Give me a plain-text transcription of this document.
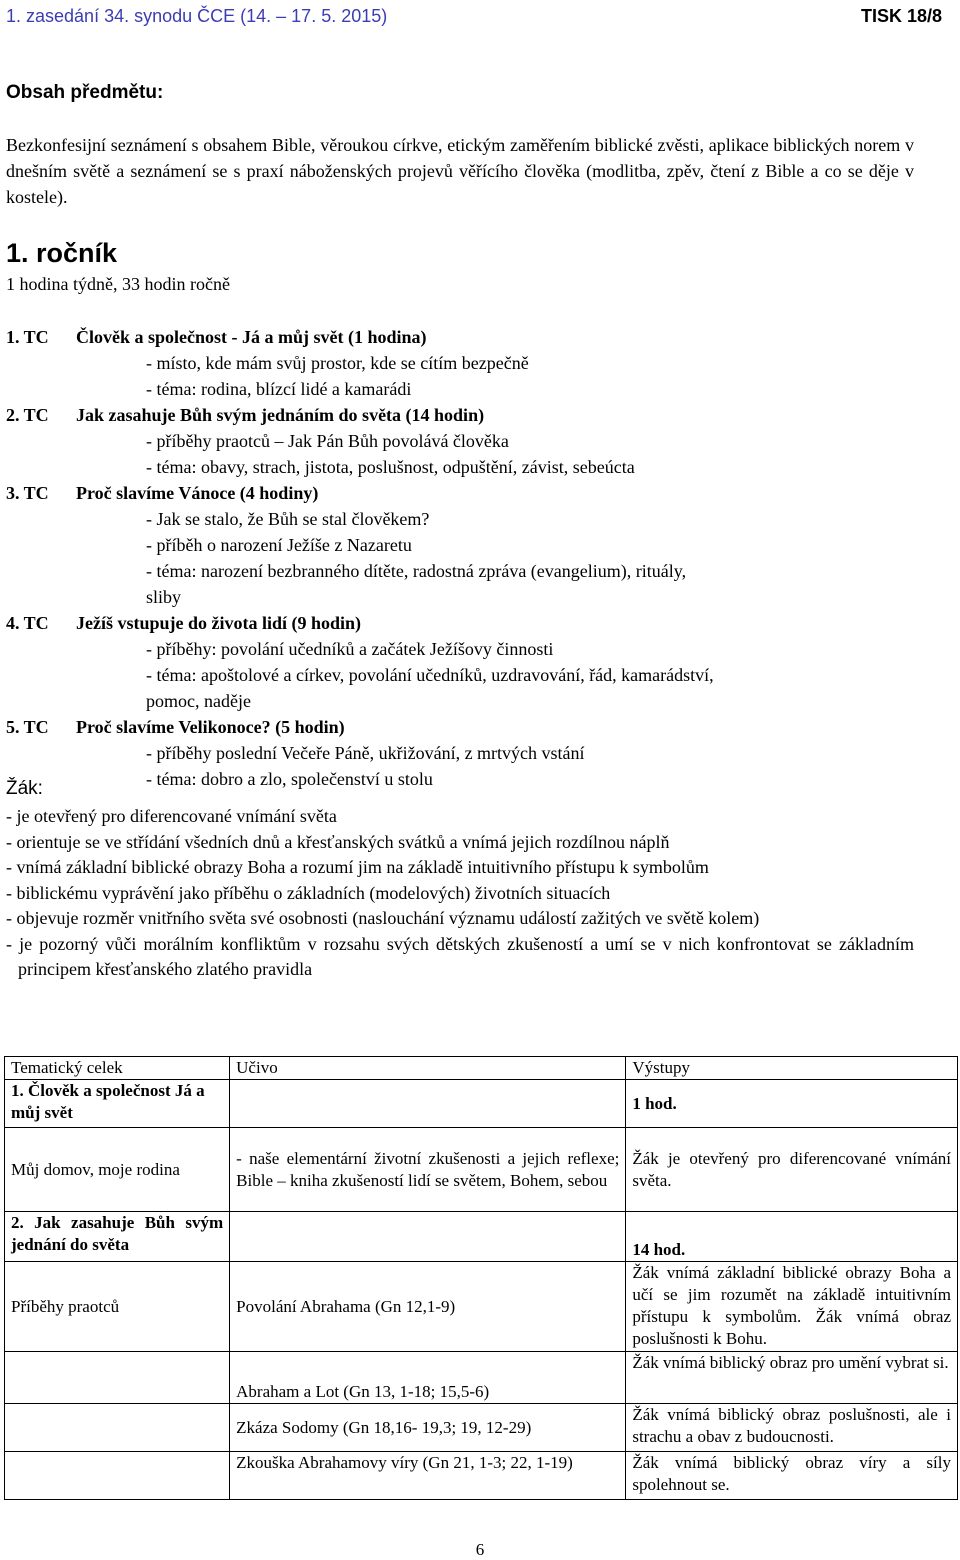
1. zasedání 34. synodu ČCE (14. – 17. 5. 2015)	TISK 18/8
Obsah předmětu:
Bezkonfesijní seznámení s obsahem Bible, věroukou církve, etickým zaměřením biblické zvěsti, aplikace biblických norem v dnešním světě a seznámení se s praxí náboženských projevů věřícího člověka (modlitba, zpěv, čtení z Bible a co se děje v kostele).
1. ročník
1 hodina týdně, 33 hodin ročně
1. TC Člověk a společnost - Já a můj svět (1 hodina)
- místo, kde mám svůj prostor, kde se cítím bezpečně
- téma: rodina, blízcí lidé a kamarádi
2. TC Jak zasahuje Bůh svým jednáním do světa (14 hodin)
- příběhy praotců – Jak Pán Bůh povolává člověka
- téma: obavy, strach, jistota, poslušnost, odpuštění, závist, sebeúcta
3. TC Proč slavíme Vánoce (4 hodiny)
- Jak se stalo, že Bůh se stal člověkem?
- příběh o narození Ježíše z Nazaretu
- téma: narození bezbranného dítěte, radostná zpráva (evangelium), rituály,
sliby
4. TC Ježíš vstupuje do života lidí (9 hodin)
- příběhy: povolání učedníků a začátek Ježíšovy činnosti
- téma: apoštolové a církev, povolání učedníků, uzdravování, řád, kamarádství,
pomoc, naděje
5. TC Proč slavíme Velikonoce? (5 hodin)
- příběhy poslední Večeře Páně, ukřižování, z mrtvých vstání
- téma: dobro a zlo, společenství u stolu
Žák:
- je otevřený pro diferencované vnímání světa
- orientuje se ve střídání všedních dnů a křesťanských svátků a vnímá jejich rozdílnou náplň
- vnímá základní biblické obrazy Boha a rozumí jim na základě intuitivního přístupu k symbolům
- biblickému vyprávění jako příběhu o základních (modelových) životních situacích
- objevuje rozměr vnitřního světa své osobnosti (naslouchání významu událostí zažitých ve světě kolem)
- je pozorný vůči morálním konfliktům v rozsahu svých dětských zkušeností a umí se v nich konfrontovat se základním principem křesťanského zlatého pravidla
Tematický celek	Učivo	Výstupy
1. Člověk a společnost Já a můj svět		1 hod.
Můj domov, moje rodina	- naše elementární životní zkušenosti a jejich reflexe; Bible – kniha zkušeností lidí se světem, Bohem, sebou	Žák je otevřený pro diferencované vnímání světa.
2. Jak zasahuje Bůh svým jednání do světa		14 hod.
Příběhy praotců	Povolání Abrahama (Gn 12,1-9)	Žák vnímá základní biblické obrazy Boha a učí se jim rozumět na základě intuitivním přístupu k symbolům. Žák vnímá obraz poslušnosti k Bohu.
	Abraham a Lot (Gn 13, 1-18; 15,5-6)	Žák vnímá biblický obraz pro umění vybrat si.
	Zkáza Sodomy (Gn 18,16- 19,3; 19, 12-29)	Žák vnímá biblický obraz poslušnosti, ale i strachu a obav z budoucnosti.
	Zkouška Abrahamovy víry (Gn 21, 1-3; 22, 1-19)	Žák vnímá biblický obraz víry a síly spolehnout se.
6
